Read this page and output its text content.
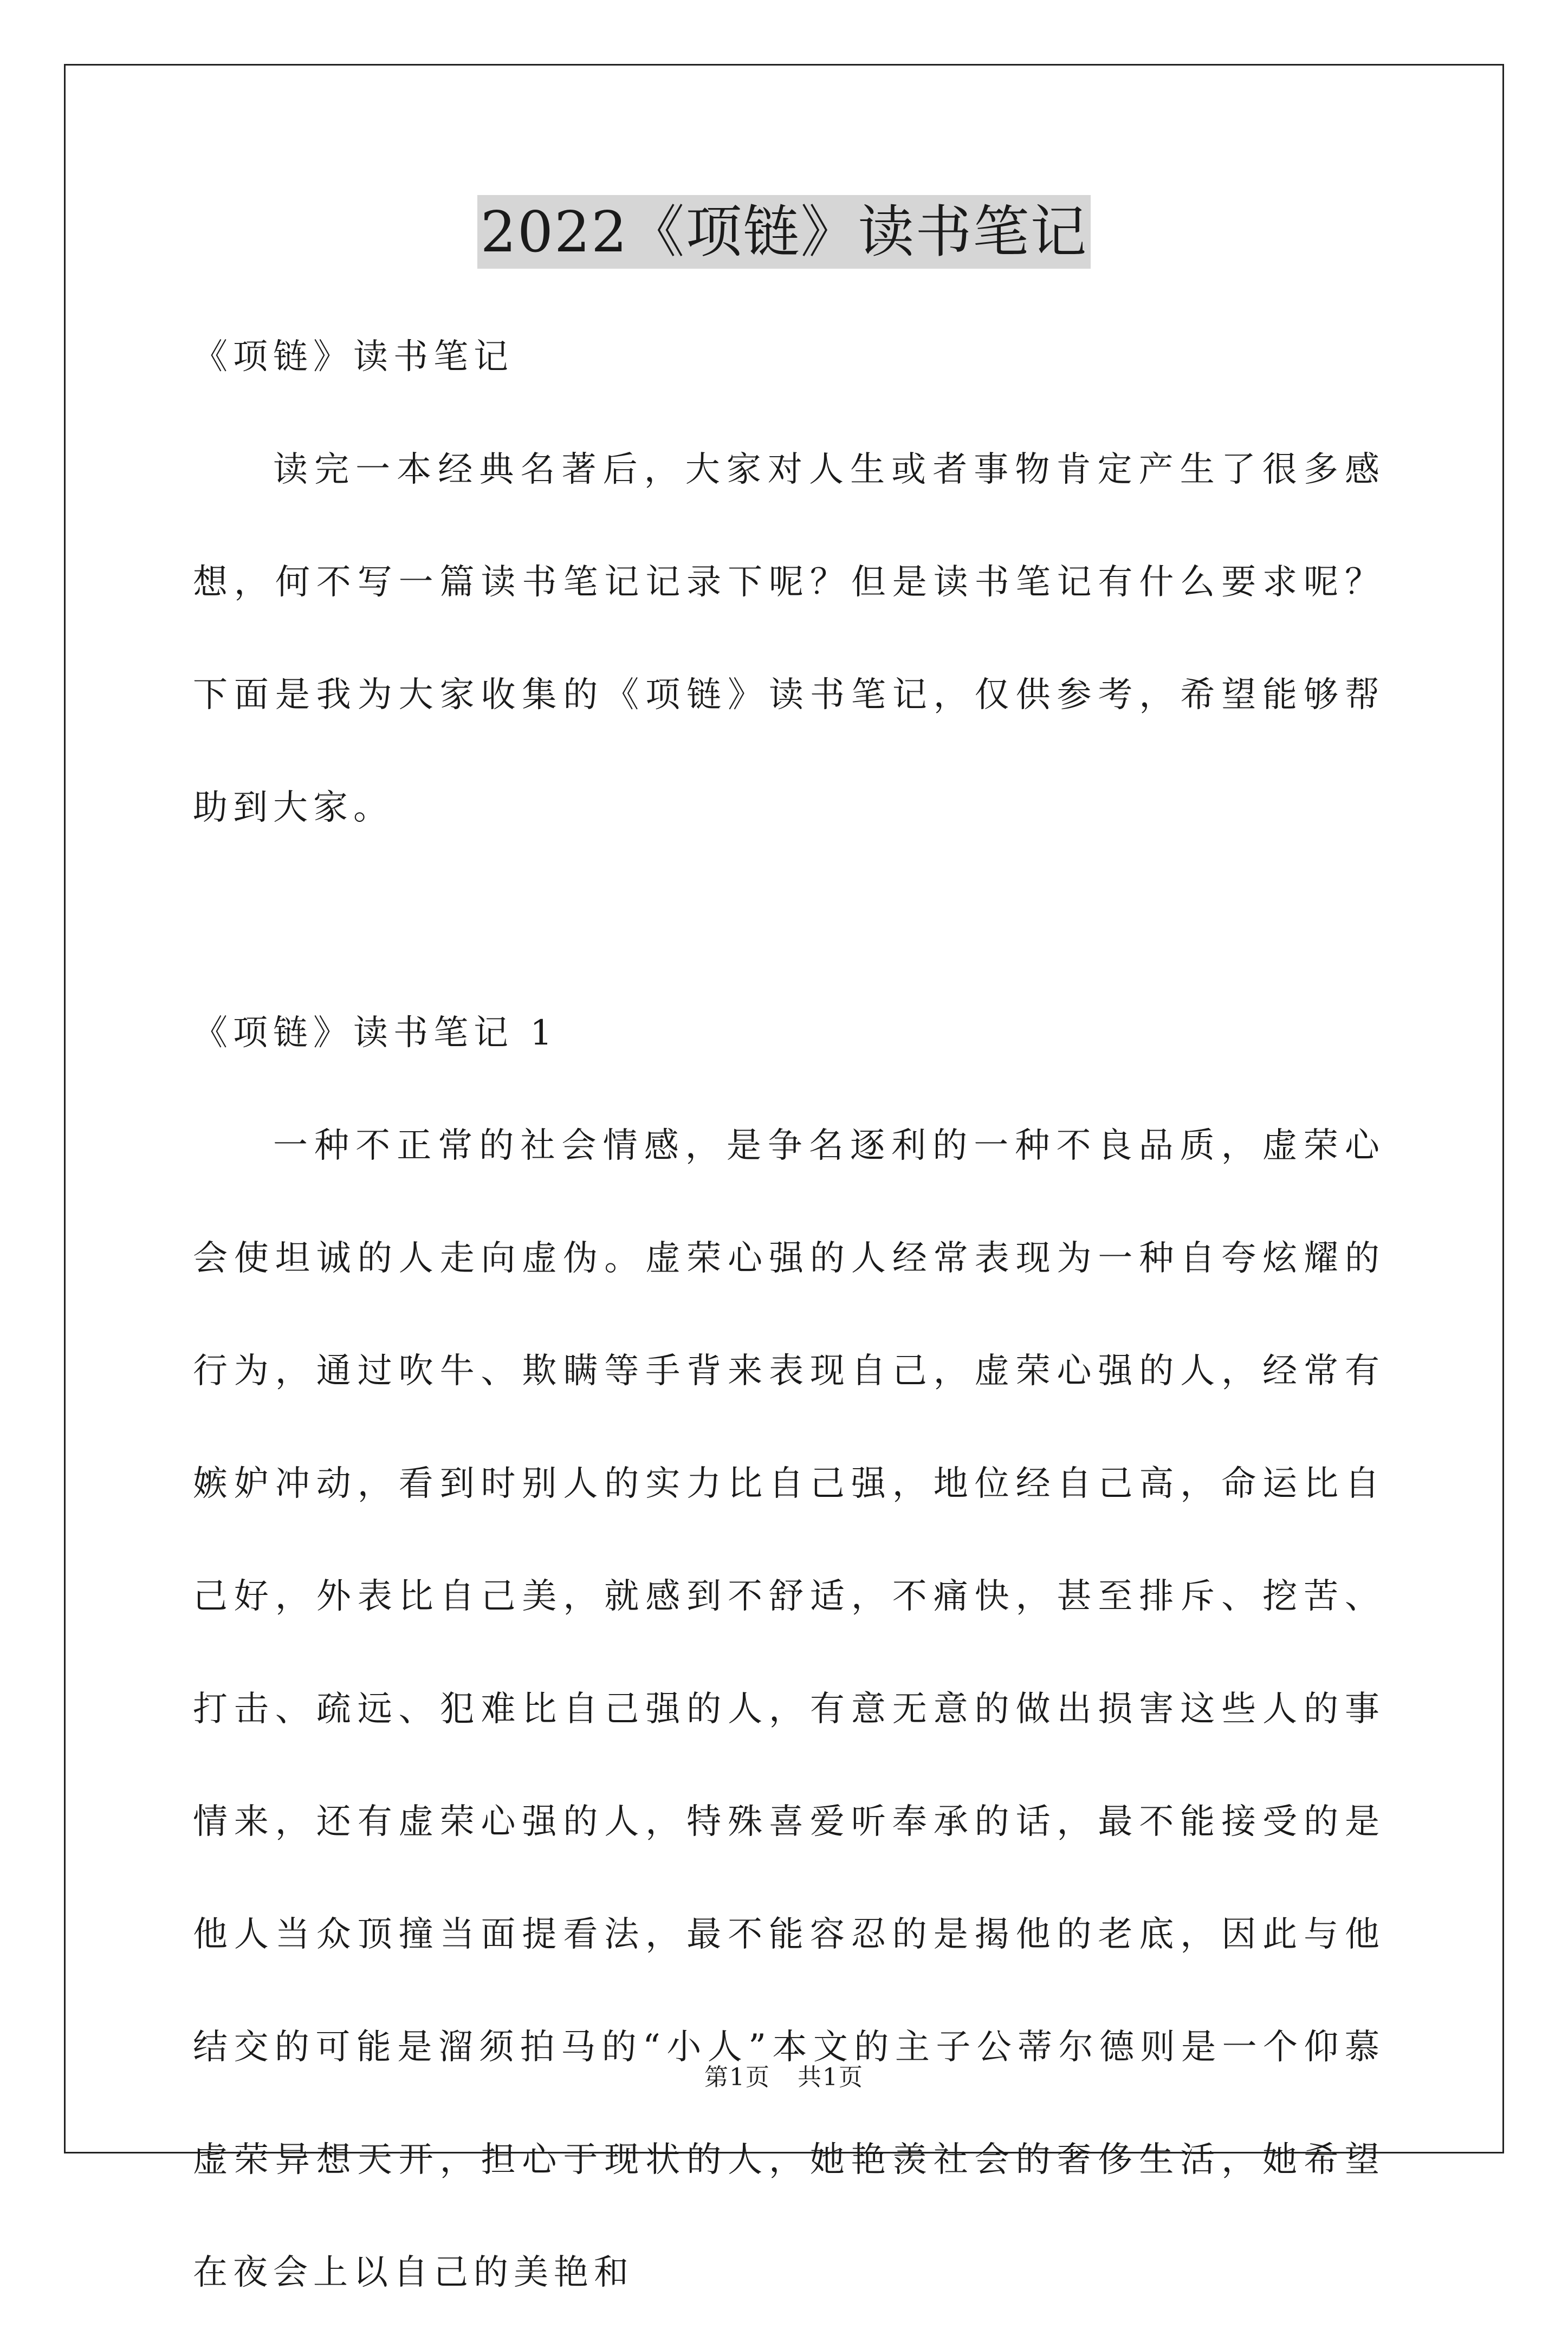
2022《项链》读书笔记

《项链》读书笔记

读完一本经典名著后，大家对人生或者事物肯定产生了很多感想，何不写一篇读书笔记记录下呢？但是读书笔记有什么要求呢？下面是我为大家收集的《项链》读书笔记，仅供参考，希望能够帮助到大家。

《项链》读书笔记 1

一种不正常的社会情感，是争名逐利的一种不良品质，虚荣心会使坦诚的人走向虚伪。虚荣心强的人经常表现为一种自夸炫耀的行为，通过吹牛、欺瞒等手背来表现自己，虚荣心强的人，经常有嫉妒冲动，看到时别人的实力比自己强，地位经自己高，命运比自己好，外表比自己美，就感到不舒适，不痛快，甚至排斥、挖苦、打击、疏远、犯难比自己强的人，有意无意的做出损害这些人的事情来，还有虚荣心强的人，特殊喜爱听奉承的话，最不能接受的是他人当众顶撞当面提看法，最不能容忍的是揭他的老底，因此与他结交的可能是溜须拍马的“小人”本文的主子公蒂尔德则是一个仰慕虚荣异想天开，担心于现状的人，她艳羡社会的奢侈生活，她希望在夜会上以自己的美艳和

第1页 共1页
